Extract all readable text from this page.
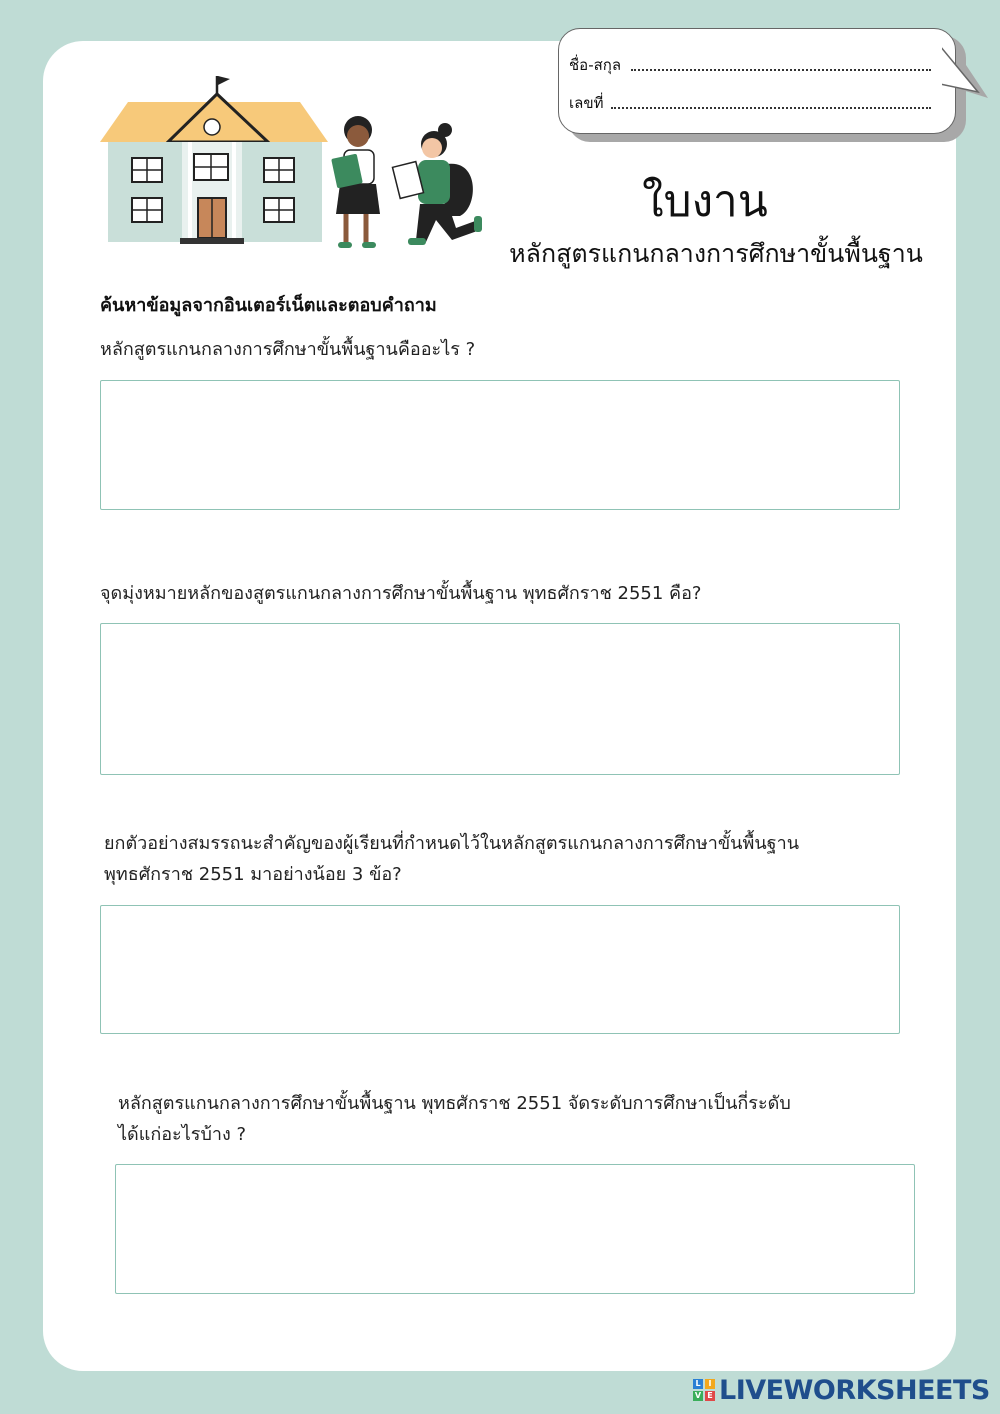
ชื่อ-สกุล
เลขที่
ใบงาน
หลักสูตรแกนกลางการศึกษาขั้นพื้นฐาน
ค้นหาข้อมูลจากอินเตอร์เน็ตและตอบคำถาม
หลักสูตรแกนกลางการศึกษาขั้นพื้นฐานคืออะไร ?
จุดมุ่งหมายหลักของสูตรแกนกลางการศึกษาขั้นพื้นฐาน พุทธศักราช 2551 คือ?
ยกตัวอย่างสมรรถนะสำคัญของผู้เรียนที่กำหนดไว้ในหลักสูตรแกนกลางการศึกษาขั้นพื้นฐาน
พุทธศักราช 2551 มาอย่างน้อย 3 ข้อ?
หลักสูตรแกนกลางการศึกษาขั้นพื้นฐาน พุทธศักราช 2551 จัดระดับการศึกษาเป็นกี่ระดับ
ได้แก่อะไรบ้าง ?
L I
V E LIVEWORKSHEETS
